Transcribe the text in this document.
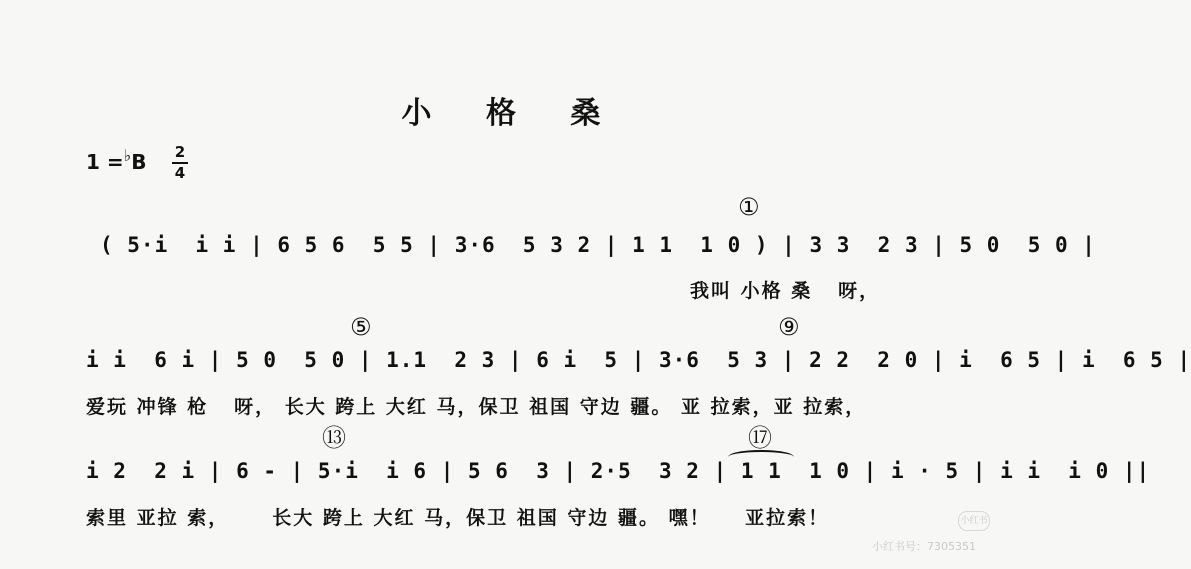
小 格 桑
1 =♭B 2
4
①
( 5·i  i i | 6 5 6  5 5 | 3·6  5 3 2 | 1 1  1 0 ) | 3 3  2 3 | 5 0  5 0 |
我叫 小格 桑   呀，
⑤	⑨
i i  6 i | 5 0  5 0 | 1.1  2 3 | 6 i  5 | 3·6  5 3 | 2 2  2 0 | i  6 5 | i  6 5 |
爱玩 冲锋 枪   呀， 长大 跨上 大红 马，保卫 祖国 守边 疆。 亚 拉索，亚 拉索，
⑬	⑰
i 2  2 i | 6 - | 5·i  i 6 | 5 6  3 | 2·5  3 2 | 1 1  1 0 | i · 5 | i i  i 0 ||
索里 亚拉 索，     长大 跨上 大红 马，保卫 祖国 守边 疆。 嘿！    亚拉索！	小红书
小红书号：7305351
